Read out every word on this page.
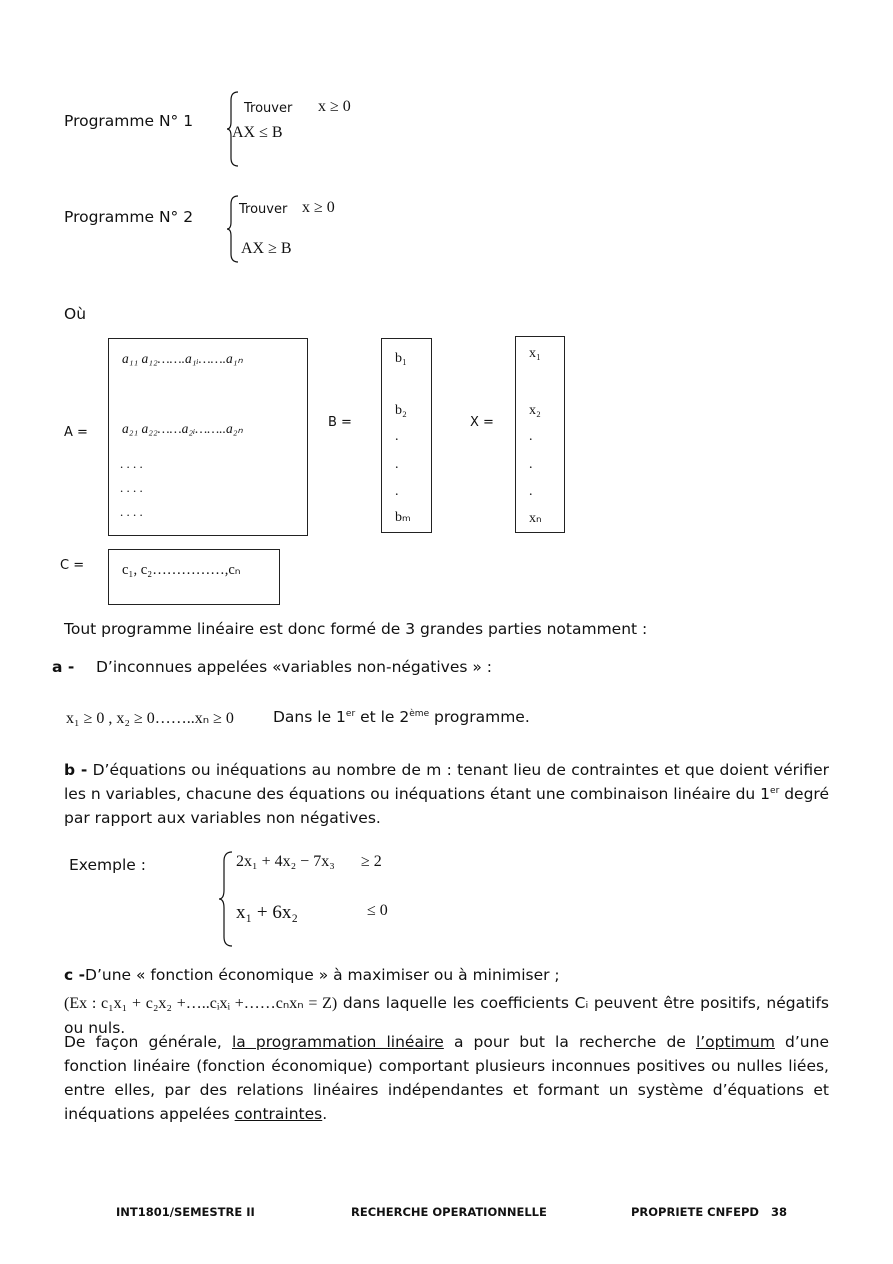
Programme N° 1
Trouver x ≥ 0
AX ≤ B
Programme N° 2	Trouver x ≥ 0
AX ≥ B
Où
A =
a₁₁ a₁₂…….a₁ᵢ…….a₁ₙ
a₂₁ a₂₂……a₂ᵢ……..a₂ₙ
. . . .
. . . .
. . . .
B =
b₁
b₂
.
.
.
bₘ
X =
x₁
x₂
.
.
.
xₙ
C =	c₁, c₂……………,cₙ
Tout programme linéaire est donc formé de 3 grandes parties notamment :
a - D’inconnues appelées «variables non-négatives » :
x₁ ≥ 0 , x₂ ≥ 0……..xₙ ≥ 0	Dans le 1er et le 2ème programme.
b - D’équations ou inéquations au nombre de m : tenant lieu de contraintes et que doient vérifier les n variables, chacune des équations ou inéquations étant une combinaison linéaire du 1er degré par rapport aux variables non négatives.
Exemple :	2x₁ + 4x₂ − 7x₃ ≥ 2
x₁ + 6x₂	≤ 0
c -D’une « fonction économique » à maximiser ou à minimiser ;
(Ex : c₁x₁ + c₂x₂ +…..cᵢxᵢ +……cₙxₙ = Z) dans laquelle les coefficients Cᵢ peuvent être positifs, négatifs ou nuls.
De façon générale, la programmation linéaire a pour but la recherche de l’optimum d’une fonction linéaire (fonction économique) comportant plusieurs inconnues positives ou nulles liées, entre elles, par des relations linéaires indépendantes et formant un système d’équations et inéquations appelées contraintes.
INT1801/SEMESTRE II	RECHERCHE OPERATIONNELLE	PROPRIETE CNFEPD 38
